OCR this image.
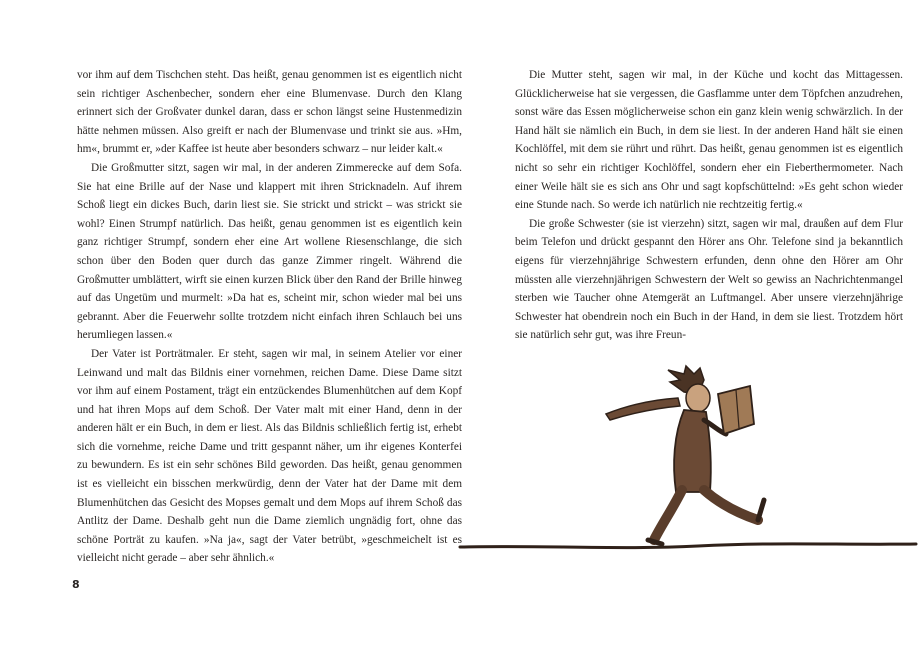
vor ihm auf dem Tischchen steht. Das heißt, genau genommen ist es eigentlich nicht sein richtiger Aschenbecher, sondern eher eine Blumenvase. Durch den Klang erinnert sich der Großvater dunkel daran, dass er schon längst seine Hustenmedizin hätte nehmen müssen. Also greift er nach der Blumenvase und trinkt sie aus. »Hm, hm«, brummt er, »der Kaffee ist heute aber besonders schwarz – nur leider kalt.«

Die Großmutter sitzt, sagen wir mal, in der anderen Zimmerecke auf dem Sofa. Sie hat eine Brille auf der Nase und klappert mit ihren Stricknadeln. Auf ihrem Schoß liegt ein dickes Buch, darin liest sie. Sie strickt und strickt – was strickt sie wohl? Einen Strumpf natürlich. Das heißt, genau genommen ist es eigentlich kein ganz richtiger Strumpf, sondern eher eine Art wollene Riesenschlange, die sich schon über den Boden quer durch das ganze Zimmer ringelt. Während die Großmutter umblättert, wirft sie einen kurzen Blick über den Rand der Brille hinweg auf das Ungetüm und murmelt: »Da hat es, scheint mir, schon wieder mal bei uns gebrannt. Aber die Feuerwehr sollte trotzdem nicht einfach ihren Schlauch bei uns herumliegen lassen.«

Der Vater ist Porträtmaler. Er steht, sagen wir mal, in seinem Atelier vor einer Leinwand und malt das Bildnis einer vornehmen, reichen Dame. Diese Dame sitzt vor ihm auf einem Postament, trägt ein entzückendes Blumenhütchen auf dem Kopf und hat ihren Mops auf dem Schoß. Der Vater malt mit einer Hand, denn in der anderen hält er ein Buch, in dem er liest. Als das Bildnis schließlich fertig ist, erhebt sich die vornehme, reiche Dame und tritt gespannt näher, um ihr eigenes Konterfei zu bewundern. Es ist ein sehr schönes Bild geworden. Das heißt, genau genommen ist es vielleicht ein bisschen merkwürdig, denn der Vater hat der Dame mit dem Blumenhütchen das Gesicht des Mopses gemalt und dem Mops auf ihrem Schoß das Antlitz der Dame. Deshalb geht nun die Dame ziemlich ungnädig fort, ohne das schöne Porträt zu kaufen. »Na ja«, sagt der Vater betrübt, »geschmeichelt ist es vielleicht nicht gerade – aber sehr ähnlich.«

8

Die Mutter steht, sagen wir mal, in der Küche und kocht das Mittagessen. Glücklicherweise hat sie vergessen, die Gasflamme unter dem Töpfchen anzudrehen, sonst wäre das Essen möglicherweise schon ein ganz klein wenig schwärzlich. In der Hand hält sie nämlich ein Buch, in dem sie liest. In der anderen Hand hält sie einen Kochlöffel, mit dem sie rührt und rührt. Das heißt, genau genommen ist es eigentlich nicht so sehr ein richtiger Kochlöffel, sondern eher ein Fieberthermometer. Nach einer Weile hält sie es sich ans Ohr und sagt kopfschüttelnd: »Es geht schon wieder eine Stunde nach. So werde ich natürlich nie rechtzeitig fertig.«

Die große Schwester (sie ist vierzehn) sitzt, sagen wir mal, draußen auf dem Flur beim Telefon und drückt gespannt den Hörer ans Ohr. Telefone sind ja bekanntlich eigens für vierzehnjährige Schwestern erfunden, denn ohne den Hörer am Ohr müssten alle vierzehnjährigen Schwestern der Welt so gewiss an Nachrichtenmangel sterben wie Taucher ohne Atemgerät an Luftmangel. Aber unsere vierzehnjährige Schwester hat obendrein noch ein Buch in der Hand, in dem sie liest. Trotzdem hört sie natürlich sehr gut, was ihre Freun-
